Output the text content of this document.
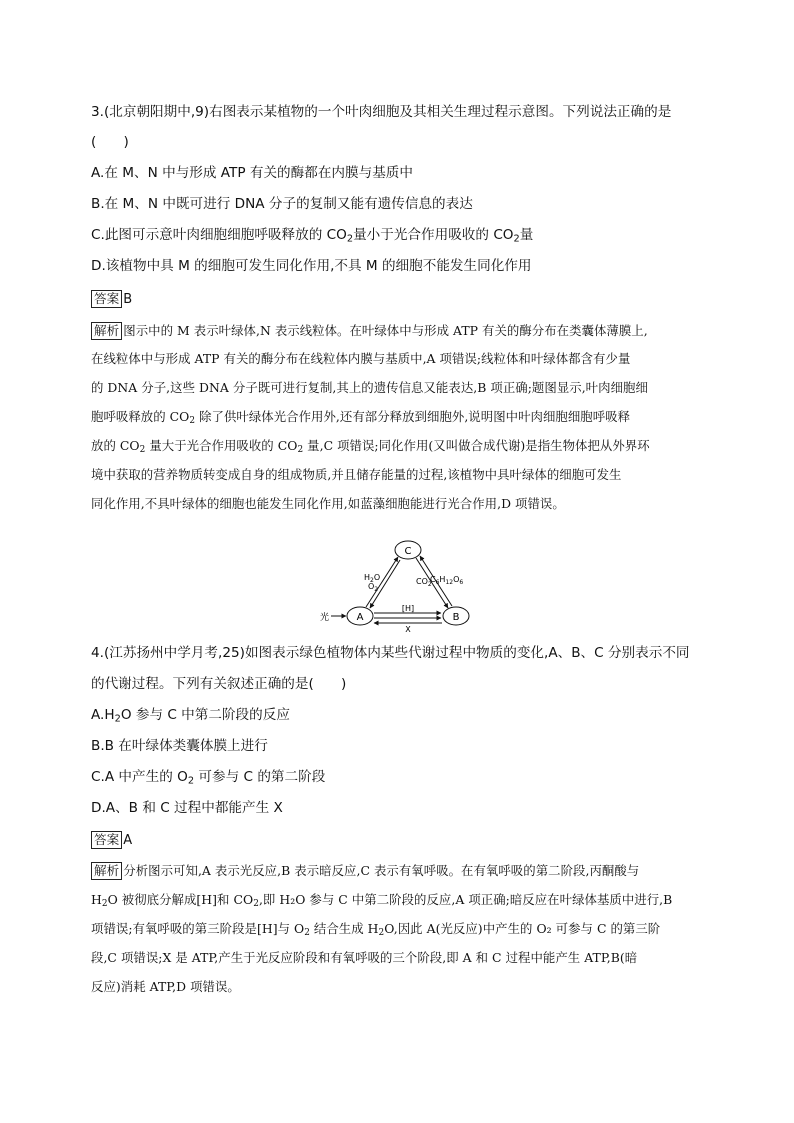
3.(北京朝阳期中,9)右图表示某植物的一个叶肉细胞及其相关生理过程示意图。下列说法正确的是
(　　)
A.在 M、N 中与形成 ATP 有关的酶都在内膜与基质中
B.在 M、N 中既可进行 DNA 分子的复制又能有遗传信息的表达
C.此图可示意叶肉细胞细胞呼吸释放的 $CO_2$量小于光合作用吸收的 $CO_2$量
D.该植物中具 M 的细胞可发生同化作用,不具 M 的细胞不能发生同化作用
答案 B
解析 图示中的 M 表示叶绿体,N 表示线粒体。在叶绿体中与形成 ATP 有关的酶分布在类囊体薄膜上,
在线粒体中与形成 ATP 有关的酶分布在线粒体内膜与基质中,A 项错误;线粒体和叶绿体都含有少量
的 DNA 分子,这些 DNA 分子既可进行复制,其上的遗传信息又能表达,B 项正确;题图显示,叶肉细胞细
胞呼吸释放的 $CO_2$ 除了供叶绿体光合作用外,还有部分释放到细胞外,说明图中叶肉细胞细胞呼吸释
放的 $CO_2$ 量大于光合作用吸收的 $CO_2$ 量,C 项错误;同化作用(又叫做合成代谢)是指生物体把从外界环
境中获取的营养物质转变成自身的组成物质,并且储存能量的过程,该植物中具叶绿体的细胞可发生
同化作用,不具叶绿体的细胞也能发生同化作用,如蓝藻细胞能进行光合作用,D 项错误。
C
A	B
光
$H_2O$
$O_2$
$CO_2$
$C_6H_{12}O_6$
[H]
X
4.(江苏扬州中学月考,25)如图表示绿色植物体内某些代谢过程中物质的变化,A、B、C 分别表示不同
的代谢过程。下列有关叙述正确的是(　　)
$A.H_2O$ 参与 C 中第二阶段的反应
B.B 在叶绿体类囊体膜上进行
C.A 中产生的 $O_2$ 可参与 C 的第二阶段
D.A、B 和 C 过程中都能产生 X
答案 A
解析 分析图示可知,A 表示光反应,B 表示暗反应,C 表示有氧呼吸。在有氧呼吸的第二阶段,丙酮酸与
$H_2O$ 被彻底分解成[H]和 $CO_2$,即 H₂O 参与 C 中第二阶段的反应,A 项正确;暗反应在叶绿体基质中进行,B
项错误;有氧呼吸的第三阶段是[H]与 $O_2$ 结合生成 $H_2O$,因此 A(光反应)中产生的 O₂ 可参与 C 的第三阶
段,C 项错误;X 是 ATP,产生于光反应阶段和有氧呼吸的三个阶段,即 A 和 C 过程中能产生 ATP,B(暗
反应)消耗 ATP,D 项错误。
